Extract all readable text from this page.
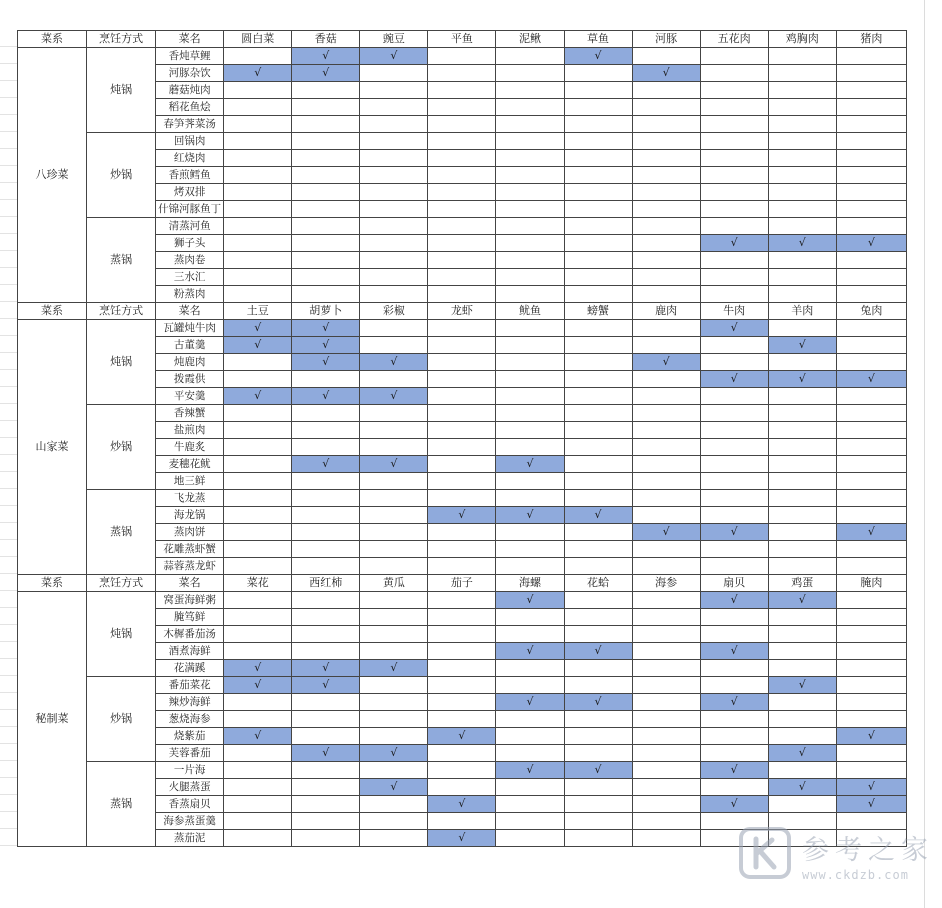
菜系	烹饪方式	菜名	圆白菜	香菇	豌豆	平鱼	泥鳅	草鱼	河豚	五花肉	鸡胸肉	猪肉
八珍菜	炖锅	香炖草鲤		√	√			√				
		河豚杂饮	√	√					√			
		蘑菇炖肉										
		稻花鱼烩										
		春笋荠菜汤										
	炒锅	回锅肉										
		红烧肉										
		香煎鳕鱼										
		烤双排										
		什锦河豚鱼丁										
	蒸锅	清蒸河鱼										
		狮子头								√	√	√
		蒸肉卷										
		三水汇										
		粉蒸肉										
菜系	烹饪方式	菜名	土豆	胡萝卜	彩椒	龙虾	鱿鱼	螃蟹	鹿肉	牛肉	羊肉	兔肉
山家菜	炖锅	瓦罐炖牛肉	√	√						√		
		古董羹	√	√							√	
		炖鹿肉		√	√				√			
		拨霞供								√	√	√
		平安羹	√	√	√							
	炒锅	香辣蟹										
		盐煎肉										
		牛鹿炙										
		麦穗花鱿		√	√		√					
		地三鲜										
	蒸锅	飞龙蒸										
		海龙锅				√	√	√				
		蒸肉饼							√	√		√
		花雕蒸虾蟹										
		蒜蓉蒸龙虾										
菜系	烹饪方式	菜名	菜花	西红柿	黄瓜	茄子	海螺	花蛤	海参	扇贝	鸡蛋	腌肉
秘制菜	炖锅	窝蛋海鲜粥					√			√	√	
		腌笃鲜										
		木樨番茄汤										
		酒煮海鲜					√	√		√		
		花满蹊	√	√	√							
	炒锅	番茄菜花	√	√							√	
		辣炒海鲜					√	√		√		
		葱烧海参										
		烧紫茄	√			√						√
		芙蓉番茄		√	√						√	
	蒸锅	一片海					√	√		√		
		火腿蒸蛋			√						√	√
		香蒸扇贝				√				√		√
		海参蒸蛋羹										
		蒸茄泥				√							参考之家
www.ckdzb.com
